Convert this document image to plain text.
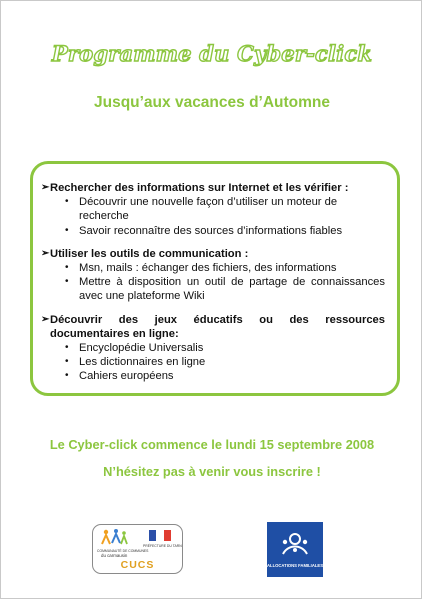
Programme du Cyber-click
Jusqu’aux vacances d’Automne
➢ Rechercher des informations sur Internet et les vérifier :
• Découvrir une nouvelle façon d’utiliser un moteur de recherche
• Savoir reconnaître des sources d’informations fiables
➢ Utiliser les outils de communication :
• Msn, mails : échanger des fichiers, des informations
• Mettre à disposition un outil de partage de connaissances avec une plateforme Wiki
➢ Découvrir des jeux éducatifs ou des ressources documentaires en ligne:
• Encyclopédie Universalis
• Les dictionnaires en ligne
• Cahiers européens
Le Cyber-click commence le lundi 15 septembre 2008
N’hésitez pas à venir vous inscrire !
COMMUNAUTÉ DE COMMUNES
du carmausin
PRÉFECTURE DU TARN
CUCS	ALLOCATIONS FAMILIALES
